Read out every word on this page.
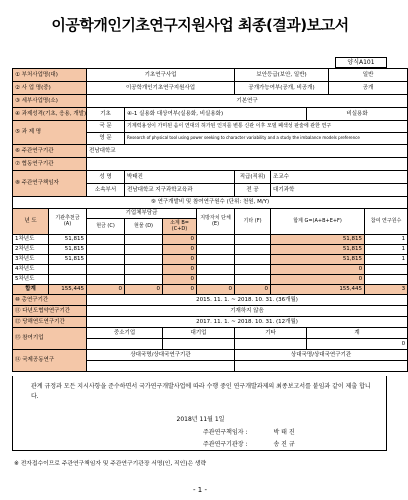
이공학개인기초연구지원사업 최종(결과)보고서
양식A101
① 부처사업명(대)		기초연구사업				보안등급(보안, 일반)			일반	
② 사 업 명(중)		이공학개인기초연구지원사업				공개가능여부(공개, 비공개)			공개	
③ 세부사업명(소)		기본연구								
④ 과제성격(기초, 응용, 개발)		기초	④-1 실용화 대상여부(실용화, 비실용화)					비실용화		
⑤ 과 제 명		국 문	기계력용성이 가미된 음이 연대의 허가된 인지를 변통 신관 이후 모델 폐색성 판술에 관한 연구							
		영 문	Research of physical tool using power seeking to character variability and a study the imbalance models preference							
⑥ 주관연구기관		전남대학교								
⑦ 협동연구기관										
⑧ 주관연구책임자		성 명	박태진			직급(직위)	조교수			
		소속부서	전남대학교 지구과학교육과			전 공	대기과학			
⑨ 연구개발비 및 참여연구원수 (단위: 천원, M/Y)										
년 도	기관추천금 (A)	기업체부담금			지방자치 단체 (E)	기타 (F)	합계 G=(A+B+E+F)			참여 연구원수
		현금 (C)	현물 (D)	소계 B=(C+D)						
1차년도	51,815			0			51,815			1
2차년도	51,815			0			51,815			1
3차년도	51,815			0			51,815			1
4차년도				0			0			
5차년도				0			0			
합계	155,445	0	0	0	0	0	155,445			3
⑩ 총연구기간		2015. 11. 1. ~ 2018. 10. 31. (36개월)								
⑪ 다년도협약연구기간		기재하지 않음								
⑫ 당해연도연구기간		2017. 11. 1. ~ 2018. 10. 31. (12개월)								
⑬ 참여기업		중소기업		대기업		기타		계		
								0		
⑭ 국제공동연구		상대국명/상대국연구기관				상대국명/상대국연구기관				

관계 규정과 모든 지시사항을 준수하면서 국가연구개발사업에 따라 수행 중인 연구개발과제의 최종보고서를 붙임과 같이 제출 합니다.
2018년 11월 1일
주관연구책임자 :	박 태 진
주관연구기관장 :	송 진 규
※ 전자접수이므로 주관연구책임자 및 주관연구기관장 서명(인, 직인)은 생략
- 1 -
